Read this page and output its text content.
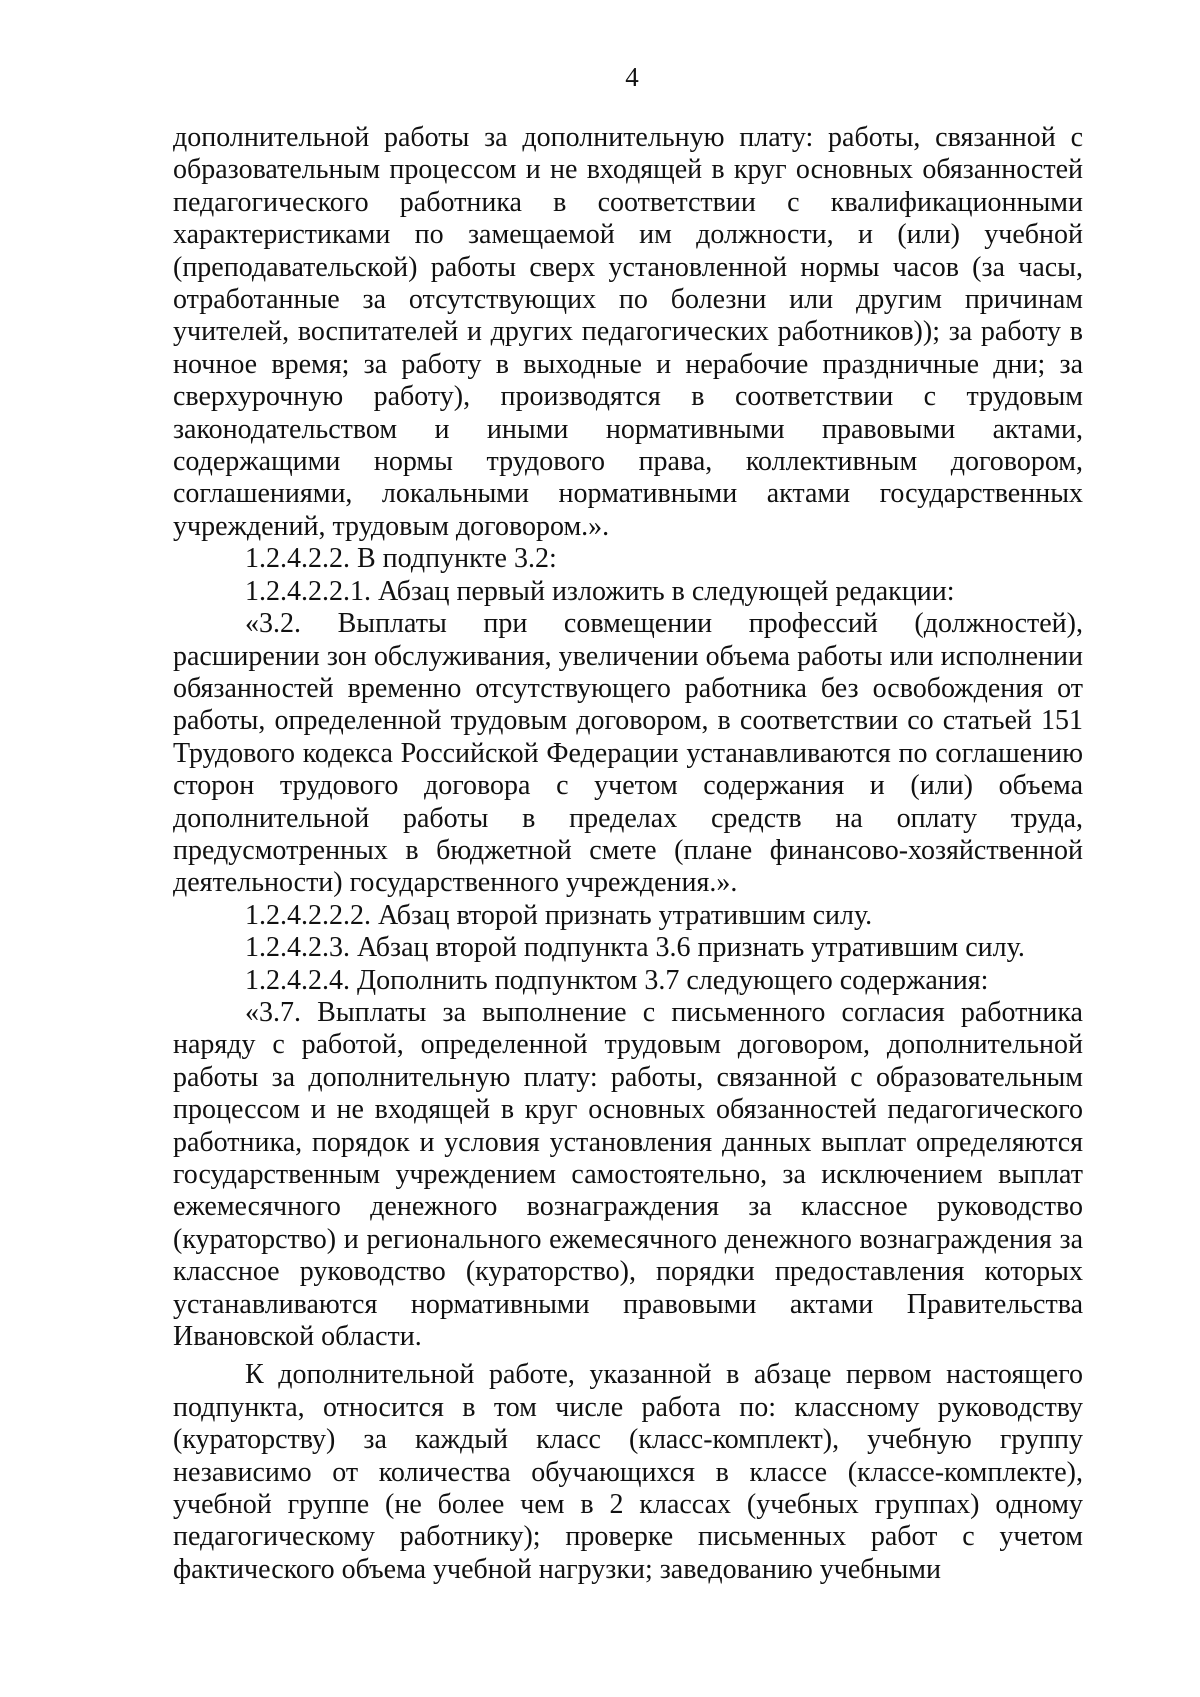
4

дополнительной работы за дополнительную плату: работы, связанной с образовательным процессом и не входящей в круг основных обязанностей педагогического работника в соответствии с квалификационными характеристиками по замещаемой им должности, и (или) учебной (преподавательской) работы сверх установленной нормы часов (за часы, отработанные за отсутствующих по болезни или другим причинам учителей, воспитателей и других педагогических работников)); за работу в ночное время; за работу в выходные и нерабочие праздничные дни; за сверхурочную работу), производятся в соответствии с трудовым законодательством и иными нормативными правовыми актами, содержащими нормы трудового права, коллективным договором, соглашениями, локальными нормативными актами государственных учреждений, трудовым договором.».

1.2.4.2.2. В подпункте 3.2:

1.2.4.2.2.1. Абзац первый изложить в следующей редакции:

«3.2. Выплаты при совмещении профессий (должностей), расширении зон обслуживания, увеличении объема работы или исполнении обязанностей временно отсутствующего работника без освобождения от работы, определенной трудовым договором, в соответствии со статьей 151 Трудового кодекса Российской Федерации устанавливаются по соглашению сторон трудового договора с учетом содержания и (или) объема дополнительной работы в пределах средств на оплату труда, предусмотренных в бюджетной смете (плане финансово-хозяйственной деятельности) государственного учреждения.».

1.2.4.2.2.2. Абзац второй признать утратившим силу.

1.2.4.2.3. Абзац второй подпункта 3.6 признать утратившим силу.

1.2.4.2.4. Дополнить подпунктом 3.7 следующего содержания:

«3.7. Выплаты за выполнение с письменного согласия работника наряду с работой, определенной трудовым договором, дополнительной работы за дополнительную плату: работы, связанной с образовательным процессом и не входящей в круг основных обязанностей педагогического работника, порядок и условия установления данных выплат определяются государственным учреждением самостоятельно, за исключением выплат ежемесячного денежного вознаграждения за классное руководство (кураторство) и регионального ежемесячного денежного вознаграждения за классное руководство (кураторство), порядки предоставления которых устанавливаются нормативными правовыми актами Правительства Ивановской области.

К дополнительной работе, указанной в абзаце первом настоящего подпункта, относится в том числе работа по: классному руководству (кураторству) за каждый класс (класс-комплект), учебную группу независимо от количества обучающихся в классе (классе-комплекте), учебной группе (не более чем в 2 классах (учебных группах) одному педагогическому работнику); проверке письменных работ с учетом фактического объема учебной нагрузки; заведованию учебными
